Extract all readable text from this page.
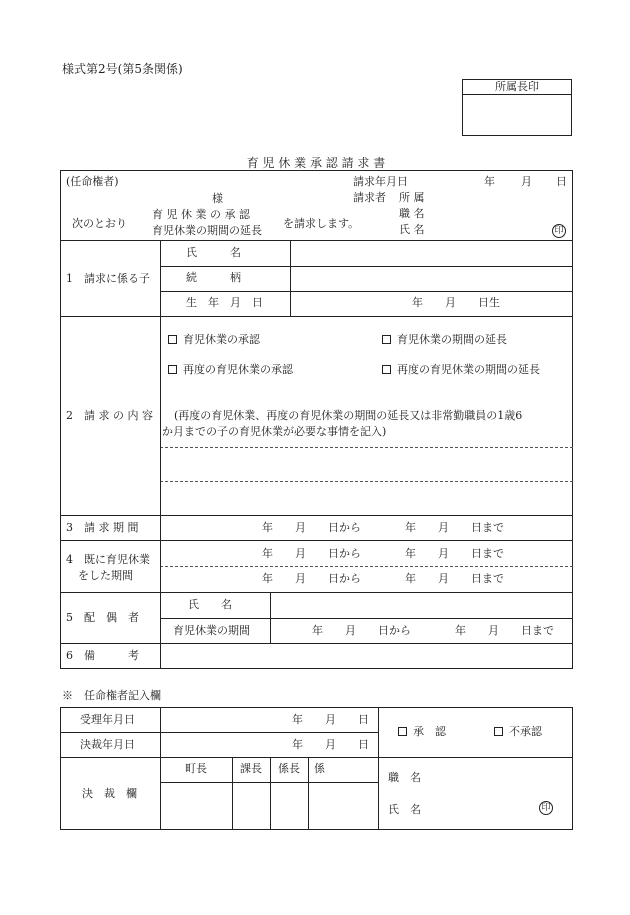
様式第2号(第5条関係)
所属長印
育 児 休 業 承 認 請 求 書
(任命権者)
様
請求年月日	年 月 日
請求者 所 属
職 名
氏 名	印
次のとおり
育 児 休 業 の 承 認
育児休業の期間の延長
を請求します。
1　請求に係る子
氏　　　名
続　　　柄
生　年　月　日	年　　月　　日生
2　請 求 の 内 容
育児休業の承認	育児休業の期間の延長
再度の育児休業の承認	再度の育児休業の期間の延長
(再度の育児休業、再度の育児休業の期間の延長又は非常勤職員の1歳6
か月までの子の育児休業が必要な事情を記入)
3　請 求 期 間	年　　月　　日から　　　　年　　月　　日まで
4　既に育児休業
をした期間
年　　月　　日から　　　　年　　月　　日まで
年　　月　　日から　　　　年　　月　　日まで
5　配　偶　者
氏　　名
育児休業の期間	年　　月　　日から　　　　年　　月　　日まで
6　備　　　考
※　任命権者記入欄
受理年月日	年　　月　　日
決裁年月日	年　　月　　日
承　認	不承認
決　裁　欄
町長	課長	係長	係
職　名
氏　名	印
